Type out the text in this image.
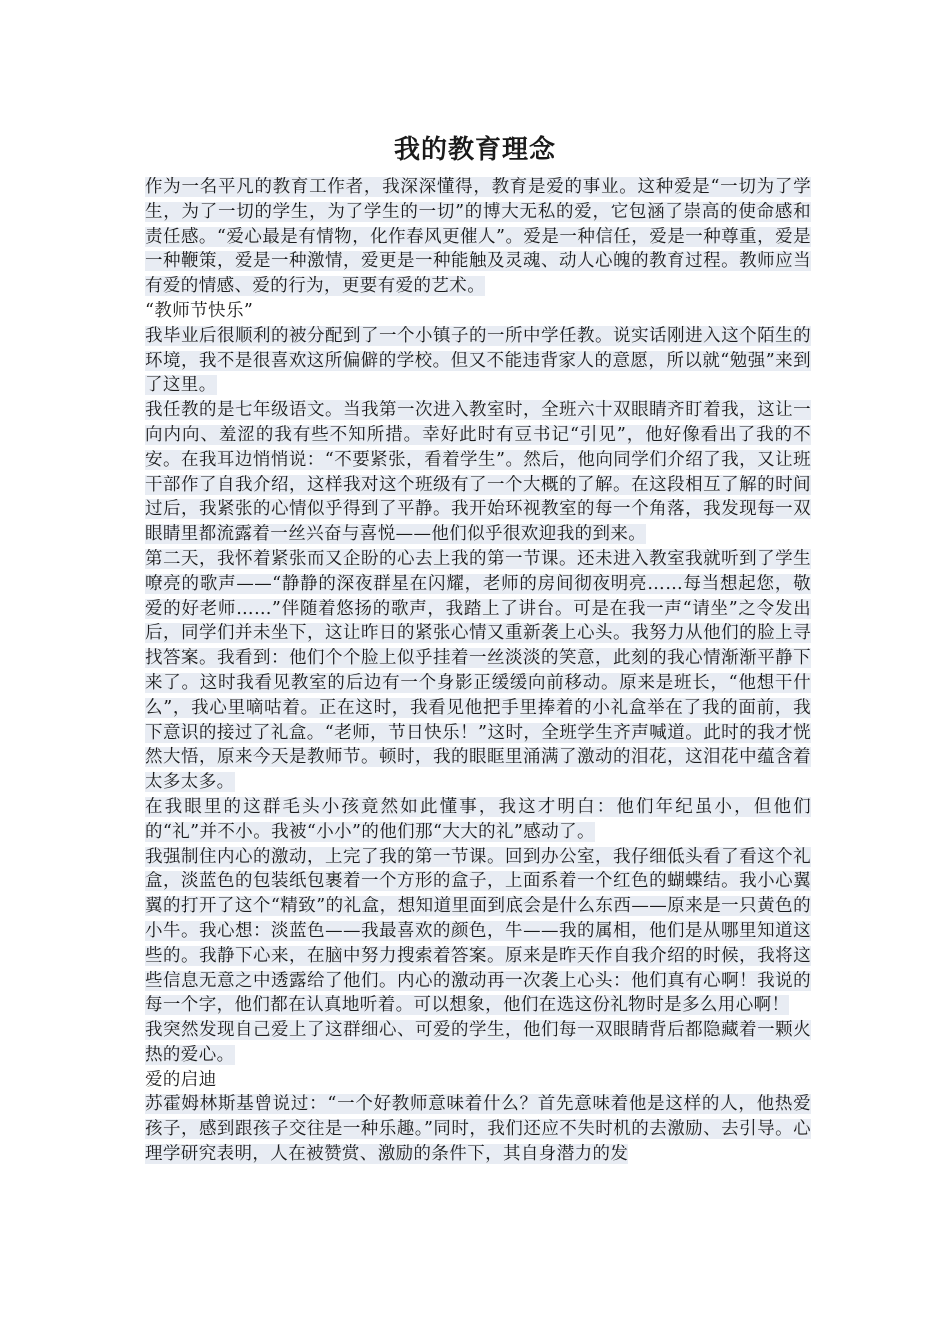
我的教育理念

作为一名平凡的教育工作者，我深深懂得，教育是爱的事业。这种爱是“一切为了学生，为了一切的学生，为了学生的一切”的博大无私的爱，它包涵了崇高的使命感和责任感。“爱心最是有情物，化作春风更催人”。爱是一种信任，爱是一种尊重，爱是一种鞭策，爱是一种激情，爱更是一种能触及灵魂、动人心魄的教育过程。教师应当有爱的情感、爱的行为，更要有爱的艺术。

“教师节快乐”

我毕业后很顺利的被分配到了一个小镇子的一所中学任教。说实话刚进入这个陌生的环境，我不是很喜欢这所偏僻的学校。但又不能违背家人的意愿，所以就“勉强”来到了这里。

我任教的是七年级语文。当我第一次进入教室时，全班六十双眼睛齐盯着我，这让一向内向、羞涩的我有些不知所措。幸好此时有豆书记“引见”，他好像看出了我的不安。在我耳边悄悄说：“不要紧张，看着学生”。然后，他向同学们介绍了我，又让班干部作了自我介绍，这样我对这个班级有了一个大概的了解。在这段相互了解的时间过后，我紧张的心情似乎得到了平静。我开始环视教室的每一个角落，我发现每一双眼睛里都流露着一丝兴奋与喜悦——他们似乎很欢迎我的到来。

第二天，我怀着紧张而又企盼的心去上我的第一节课。还未进入教室我就听到了学生嘹亮的歌声——“静静的深夜群星在闪耀，老师的房间彻夜明亮……每当想起您，敬爱的好老师……”伴随着悠扬的歌声，我踏上了讲台。可是在我一声“请坐”之令发出后，同学们并未坐下，这让昨日的紧张心情又重新袭上心头。我努力从他们的脸上寻找答案。我看到：他们个个脸上似乎挂着一丝淡淡的笑意，此刻的我心情渐渐平静下来了。这时我看见教室的后边有一个身影正缓缓向前移动。原来是班长，“他想干什么”，我心里嘀咕着。正在这时，我看见他把手里捧着的小礼盒举在了我的面前，我下意识的接过了礼盒。“老师，节日快乐！”这时，全班学生齐声喊道。此时的我才恍然大悟，原来今天是教师节。顿时，我的眼眶里涌满了激动的泪花，这泪花中蕴含着太多太多。

在我眼里的这群毛头小孩竟然如此懂事，我这才明白：他们年纪虽小，但他们的“礼”并不小。我被“小小”的他们那“大大的礼”感动了。

我强制住内心的激动，上完了我的第一节课。回到办公室，我仔细低头看了看这个礼盒，淡蓝色的包装纸包裹着一个方形的盒子，上面系着一个红色的蝴蝶结。我小心翼翼的打开了这个“精致”的礼盒，想知道里面到底会是什么东西——原来是一只黄色的小牛。我心想：淡蓝色——我最喜欢的颜色，牛——我的属相，他们是从哪里知道这些的。我静下心来，在脑中努力搜索着答案。原来是昨天作自我介绍的时候，我将这些信息无意之中透露给了他们。内心的激动再一次袭上心头：他们真有心啊！我说的每一个字，他们都在认真地听着。可以想象，他们在选这份礼物时是多么用心啊！

我突然发现自己爱上了这群细心、可爱的学生，他们每一双眼睛背后都隐藏着一颗火热的爱心。

爱的启迪

苏霍姆林斯基曾说过：“一个好教师意味着什么？首先意味着他是这样的人，他热爱孩子，感到跟孩子交往是一种乐趣。”同时，我们还应不失时机的去激励、去引导。心理学研究表明，人在被赞赏、激励的条件下，其自身潜力的发
